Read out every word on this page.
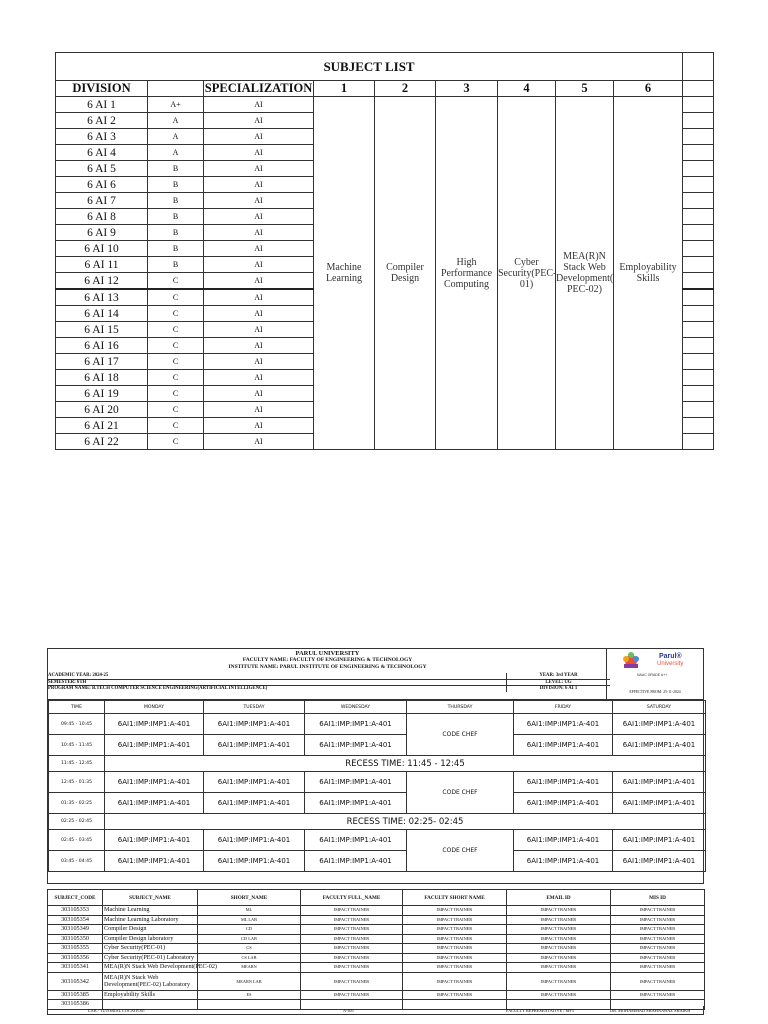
SUBJECT LIST									
DIVISION		SPECIALIZATION	1	2	3	4	5	6	
6 AI 1	A+	AI	Machine Learning	Compiler Design	High Performance Computing	Cyber Security(PEC-01)	MEA(R)N Stack Web Development( PEC-02)	Employability Skills	
6 AI 2	A	AI							
6 AI 3	A	AI							
6 AI 4	A	AI							
6 AI 5	B	AI							
6 AI 6	B	AI							
6 AI 7	B	AI							
6 AI 8	B	AI							
6 AI 9	B	AI							
6 AI 10	B	AI							
6 AI 11	B	AI							
6 AI 12	C	AI							
6 AI 13	C	AI							
6 AI 14	C	AI							
6 AI 15	C	AI							
6 AI 16	C	AI							
6 AI 17	C	AI							
6 AI 18	C	AI							
6 AI 19	C	AI							
6 AI 20	C	AI							
6 AI 21	C	AI							
6 AI 22	C	AI							
PARUL UNIVERSITY
FACULTY NAME: FACULTY OF ENGINEERING & TECHNOLOGY
INSTITUTE NAME: PARUL INSTITUTE OF ENGINEERING & TECHNOLOGY
Parul®
University
NAAC GRADE A++
ACADEMIC YEAR: 2024-25
SEMESTER: 6TH
PROGRAM NAME: B.TECH COMPUTER SCIENCE ENGINEERING(ARTIFICIAL INTELLIGENCE)
YEAR: 3rd YEAR
LEVEL: UG
DIVISION: 6 AI 1
EFFECTIVE FROM: 25-11-2024
TIME	MONDAY	TUESDAY	WEDNESDAY	THURSDAY	FRIDAY	SATURDAY
09:45 - 10:45	6AI1:IMP:IMP1:A-401	6AI1:IMP:IMP1:A-401	6AI1:IMP:IMP1:A-401	CODE CHEF	6AI1:IMP:IMP1:A-401	6AI1:IMP:IMP1:A-401
10:45 - 11:45	6AI1:IMP:IMP1:A-401	6AI1:IMP:IMP1:A-401	6AI1:IMP:IMP1:A-401		6AI1:IMP:IMP1:A-401	6AI1:IMP:IMP1:A-401
11:45 - 12:45	RECESS TIME: 11:45 - 12:45					
12:45 - 01:35	6AI1:IMP:IMP1:A-401	6AI1:IMP:IMP1:A-401	6AI1:IMP:IMP1:A-401	CODE CHEF	6AI1:IMP:IMP1:A-401	6AI1:IMP:IMP1:A-401
01:35 - 02:25	6AI1:IMP:IMP1:A-401	6AI1:IMP:IMP1:A-401	6AI1:IMP:IMP1:A-401		6AI1:IMP:IMP1:A-401	6AI1:IMP:IMP1:A-401
02:25 - 02:45	RECESS TIME: 02:25- 02:45					
02:45 - 03:45	6AI1:IMP:IMP1:A-401	6AI1:IMP:IMP1:A-401	6AI1:IMP:IMP1:A-401	CODE CHEF	6AI1:IMP:IMP1:A-401	6AI1:IMP:IMP1:A-401
03:45 - 04:45	6AI1:IMP:IMP1:A-401	6AI1:IMP:IMP1:A-401	6AI1:IMP:IMP1:A-401		6AI1:IMP:IMP1:A-401	6AI1:IMP:IMP1:A-401
SUBJECT_CODE	SUBJECT_NAME	SHORT_NAME	FACULTY FULL_NAME	FACULTY SHORT NAME	EMAIL ID	MIS ID
303105353	Machine Learning	ML	IMPACT TRAINER	IMPACT TRAINER	IMPACT TRAINER	IMPACT TRAINER
303105354	Machine Learning Laboratory	ML LAB	IMPACT TRAINER	IMPACT TRAINER	IMPACT TRAINER	IMPACT TRAINER
303105349	Compiler Design	CD	IMPACT TRAINER	IMPACT TRAINER	IMPACT TRAINER	IMPACT TRAINER
303105350	Compiler Design laboratory	CD LAB	IMPACT TRAINER	IMPACT TRAINER	IMPACT TRAINER	IMPACT TRAINER
303105355	Cyber Security(PEC-01)	CS	IMPACT TRAINER	IMPACT TRAINER	IMPACT TRAINER	IMPACT TRAINER
303105356	Cyber Security(PEC-01) Laboratory	CS LAB	IMPACT TRAINER	IMPACT TRAINER	IMPACT TRAINER	IMPACT TRAINER
303105341	MEA(R)N Stack Web Development(PEC-02)	MEARN	IMPACT TRAINER	IMPACT TRAINER	IMPACT TRAINER	IMPACT TRAINER
303105342	MEA(R)N Stack Web Development(PEC-02) Laboratory	MEARN LAB	IMPACT TRAINER	IMPACT TRAINER	IMPACT TRAINER	IMPACT TRAINER
303105385	Employability Skills	ES	IMPACT TRAINER	IMPACT TRAINER	IMPACT TRAINER	IMPACT TRAINER
303105386						
LAB / TUTORIAL LOCATION:	A-401	FACULTY REPRESENTATIVE / MFT	DR. MOHAMMAD SHAHNAWAZ SHAIKH
